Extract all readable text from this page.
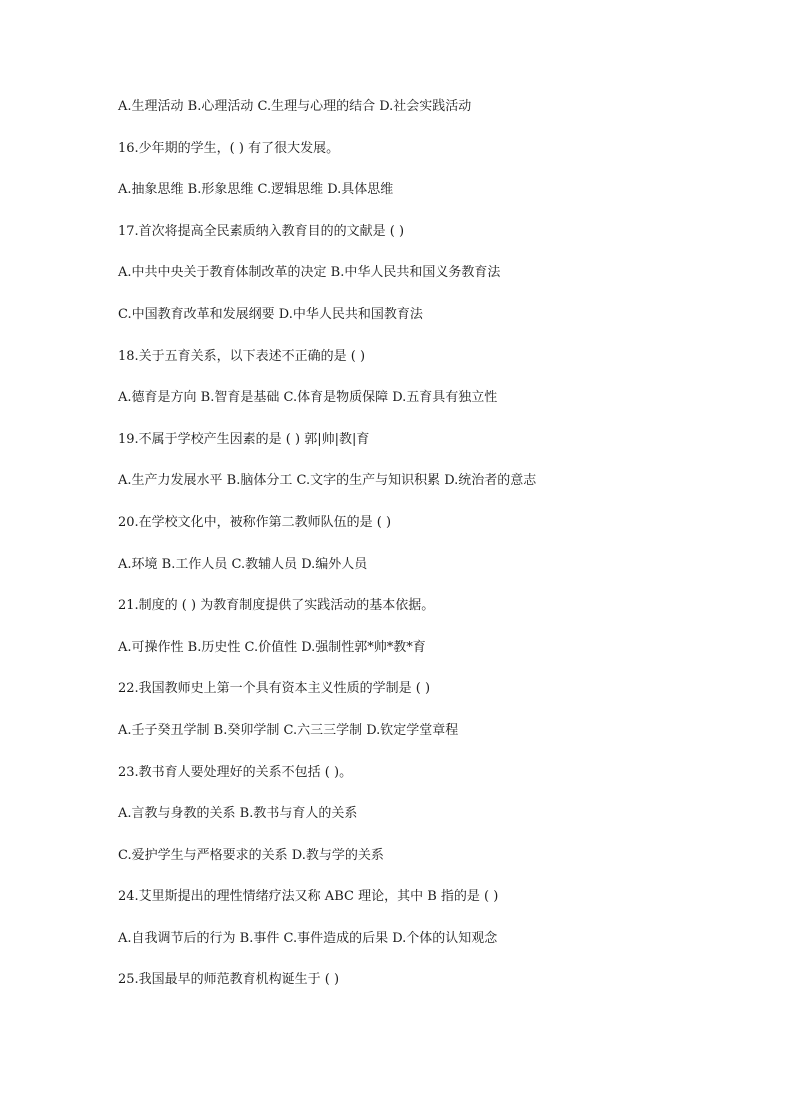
A.生理活动 B.心理活动 C.生理与心理的结合 D.社会实践活动
16.少年期的学生，( ) 有了很大发展。
A.抽象思维 B.形象思维 C.逻辑思维 D.具体思维
17.首次将提高全民素质纳入教育目的的文献是 ( )
A.中共中央关于教育体制改革的决定 B.中华人民共和国义务教育法
C.中国教育改革和发展纲要 D.中华人民共和国教育法
18.关于五育关系，以下表述不正确的是 ( )
A.德育是方向 B.智育是基础 C.体育是物质保障 D.五育具有独立性
19.不属于学校产生因素的是 ( ) 郭|帅|教|育
A.生产力发展水平 B.脑体分工 C.文字的生产与知识积累 D.统治者的意志
20.在学校文化中，被称作第二教师队伍的是 ( )
A.环境 B.工作人员 C.教辅人员 D.编外人员
21.制度的 ( ) 为教育制度提供了实践活动的基本依据。
A.可操作性 B.历史性 C.价值性 D.强制性郭*帅*教*育
22.我国教师史上第一个具有资本主义性质的学制是 ( )
A.壬子癸丑学制 B.癸卯学制 C.六三三学制 D.钦定学堂章程
23.教书育人要处理好的关系不包括 ( )。
A.言教与身教的关系 B.教书与育人的关系
C.爱护学生与严格要求的关系 D.教与学的关系
24.艾里斯提出的理性情绪疗法又称 ABC 理论，其中 B 指的是 ( )
A.自我调节后的行为 B.事件 C.事件造成的后果 D.个体的认知观念
25.我国最早的师范教育机构诞生于 ( )
